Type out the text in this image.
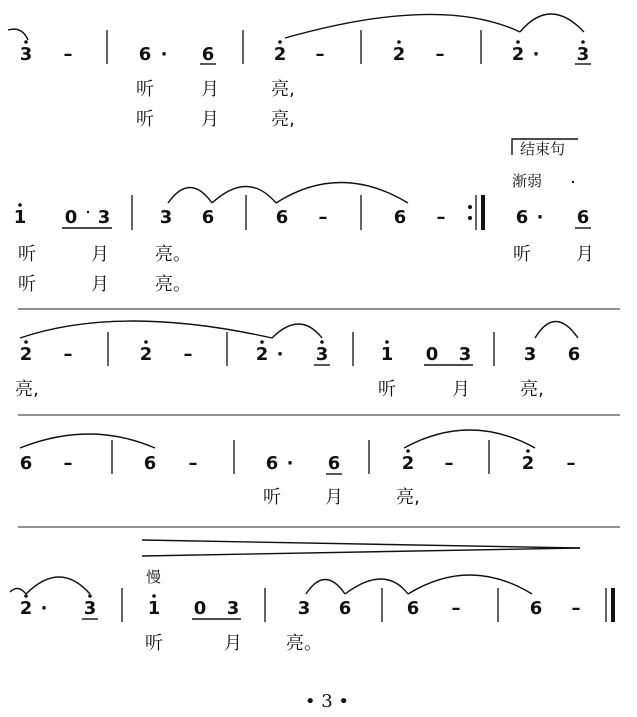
3 –	6 · 6	2 –	2 –	2 · 3
听	月	亮,
听	月	亮,
结束句
渐弱
1 0 3	3 6	6 –	6 –	6 · 6
听	月	亮。	听	月
听	月	亮。
2 –	2 –	2 · 3	1 0 3	3 6
亮,	听	月	亮,
6 –	6 –	6 · 6	2 –	2 –
听 月	亮,
慢
2 · 3	1 0 3	3 6	6 –	6 –
听	月 亮。
• 3 •
